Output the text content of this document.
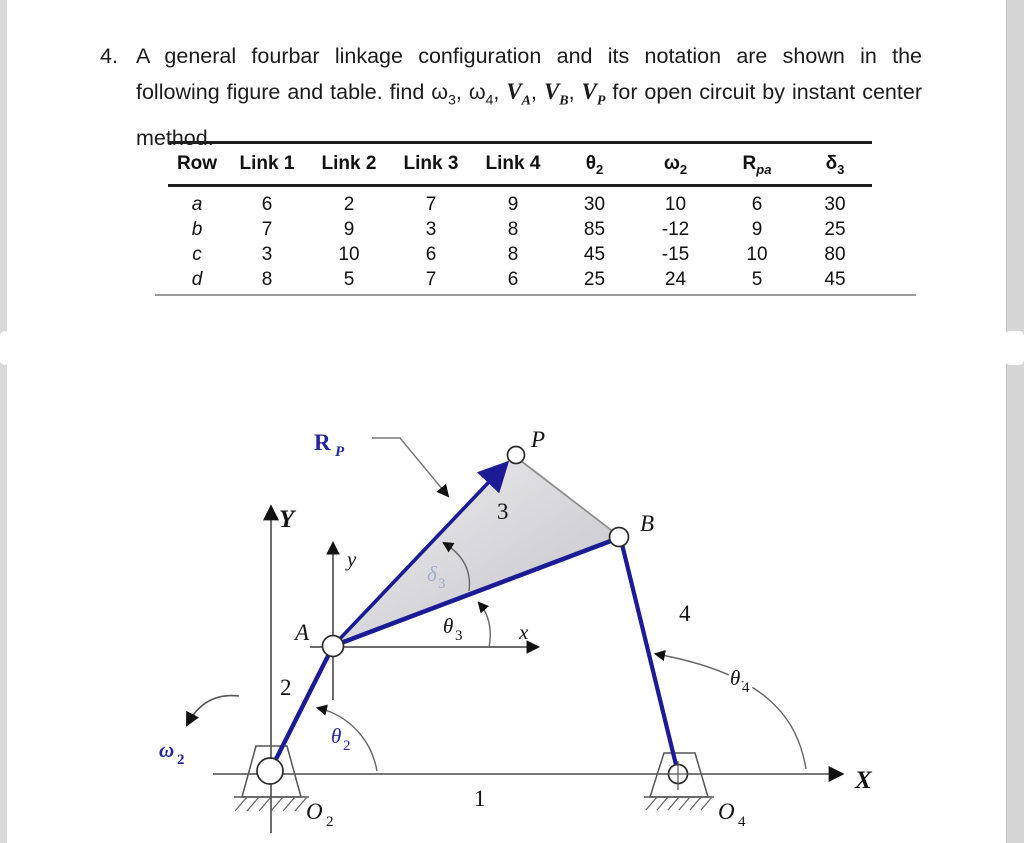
Y
y
X
x
A
B
P
3
2
4
1
O 2	O 4
θ 2
θ 3
θ 4
ω 2
δ 3
R P
4. A general fourbar linkage configuration and its notation are shown in the
following figure and table. find $\omega_3$, $\omega_4$, $V_A$, $V_B$, $V_P$ for open circuit by instant center
method.
Row	Link 1	Link 2	Link 3	Link 4	$\theta_2$	$\omega_2$	$R_{pa}$	$\delta_3$
a	6	2	7	9	30	10	6	30
b	7	9	3	8	85	-12	9	25
c	3	10	6	8	45	-15	10	80
d	8	5	7	6	25	24	5	45
